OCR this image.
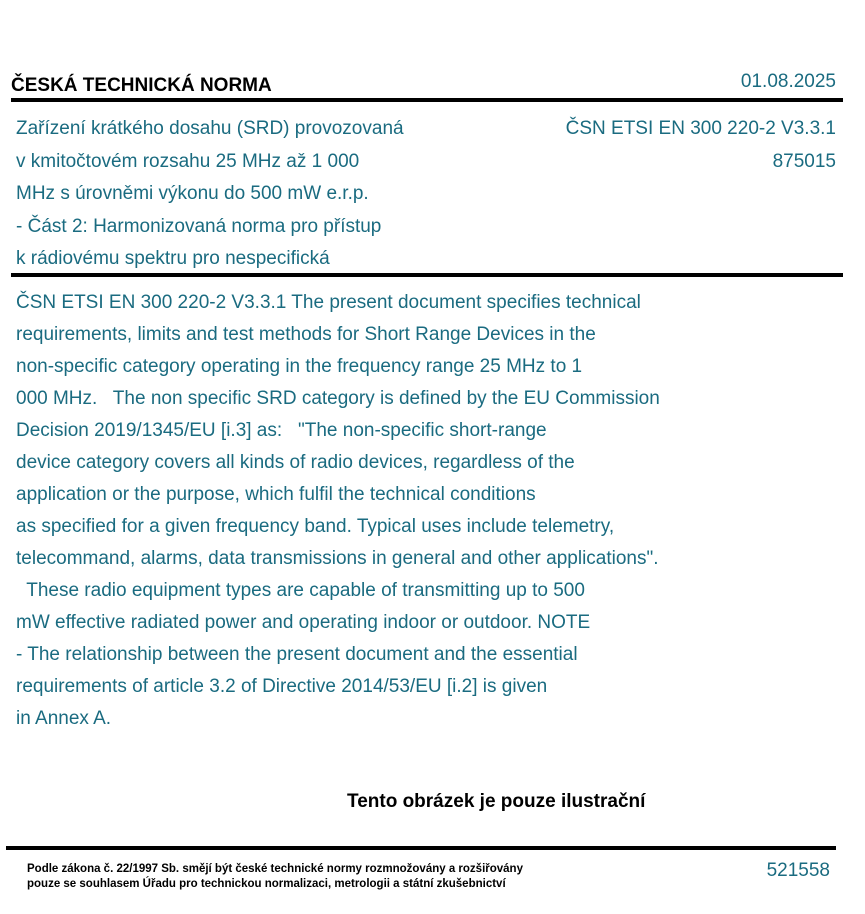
ČESKÁ TECHNICKÁ NORMA	01.08.2025
Zařízení krátkého dosahu (SRD) provozovaná
v kmitočtovém rozsahu 25 MHz až 1 000
MHz s úrovněmi výkonu do 500 mW e.r.p.
- Část 2: Harmonizovaná norma pro přístup
k rádiovému spektru pro nespecifická
ČSN ETSI EN 300 220-2 V3.3.1
875015
ČSN ETSI EN 300 220-2 V3.3.1 The present document specifies technical
requirements, limits and test methods for Short Range Devices in the
non-specific category operating in the frequency range 25 MHz to 1
000 MHz.   The non specific SRD category is defined by the EU Commission
Decision 2019/1345/EU [i.3] as:   "The non-specific short-range
device category covers all kinds of radio devices, regardless of the
application or the purpose, which fulfil the technical conditions
as specified for a given frequency band. Typical uses include telemetry,
telecommand, alarms, data transmissions in general and other applications".
These radio equipment types are capable of transmitting up to 500
mW effective radiated power and operating indoor or outdoor. NOTE
- The relationship between the present document and the essential
requirements of article 3.2 of Directive 2014/53/EU [i.2] is given
in Annex A.
Tento obrázek je pouze ilustrační
Podle zákona č. 22/1997 Sb. smějí být české technické normy rozmnožovány a rozšiřovány
pouze se souhlasem Úřadu pro technickou normalizaci, metrologii a státní zkušebnictví
521558
